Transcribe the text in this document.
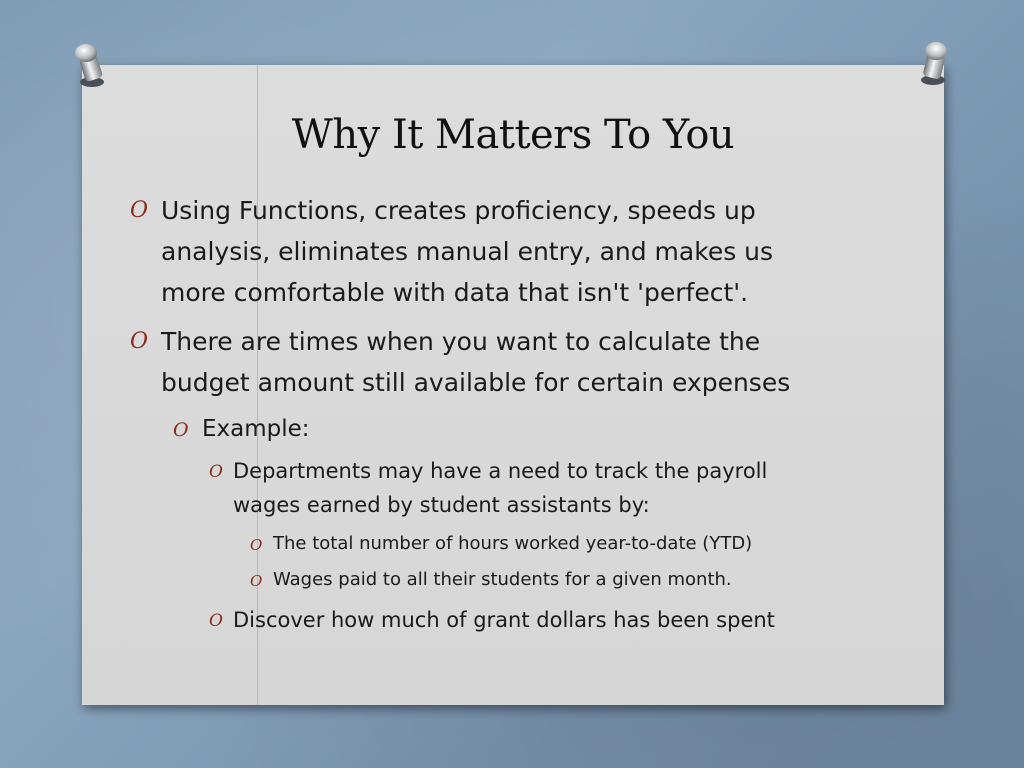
Why It Matters To You
O Using Functions, creates proficiency, speeds up
analysis, eliminates manual entry, and makes us
more comfortable with data that isn't 'perfect'.
O There are times when you want to calculate the
budget amount still available for certain expenses
O Example:
O Departments may have a need to track the payroll
wages earned by student assistants by:
O The total number of hours worked year-to-date (YTD)
O Wages paid to all their students for a given month.
O Discover how much of grant dollars has been spent
